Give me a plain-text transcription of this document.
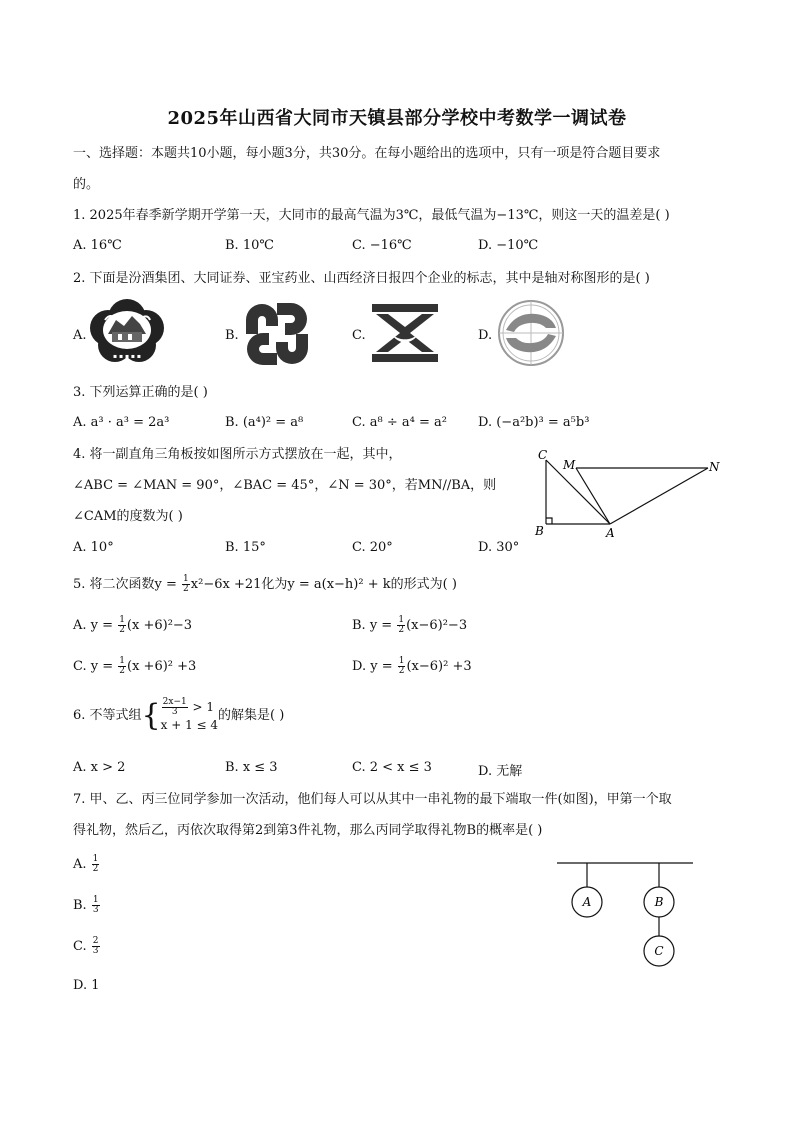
2025年山西省大同市天镇县部分学校中考数学一调试卷
一、选择题：本题共10小题，每小题3分，共30分。在每小题给出的选项中，只有一项是符合题目要求
的。
1. 2025年春季新学期开学第一天，大同市的最高气温为3℃，最低气温为−13℃，则这一天的温差是( )
A. 16℃	B. 10℃	C. −16℃	D. −10℃
2. 下面是汾酒集团、大同证券、亚宝药业、山西经济日报四个企业的标志，其中是轴对称图形的是( )
A.	B.	C.	D.
▪ ▪ ▪ ▪ ▪
3. 下列运算正确的是( )
A. a³ · a³ = 2a³	B. (a⁴)² = a⁸	C. a⁸ ÷ a⁴ = a² D. (−a²b)³ = a⁵b³
4. 将一副直角三角板按如图所示方式摆放在一起，其中，
∠ABC = ∠MAN = 90°，∠BAC = 45°，∠N = 30°，若MN//BA，则
∠CAM的度数为( )
A. 10°	B. 15°	C. 20°	D. 30°
C
M	N
B	A
5. 将二次函数$y = \frac{1}{2} x^2-6x +21$化为y = a(x−h)² + k的形式为( )
A. $y = \frac{1}{2} (x +6)^2-3$	B. $y = \frac{1}{2} (x-6)^2-3$
C. $y = \frac{1}{2} (x +6)^2 +3$	D. $y = \frac{1}{2} (x-6)^2 +3$
6. 不等式组 { $\frac{2x-1}{3} > 1$
x + 1 ≤ 4
的解集是( )
A. x > 2	B. x ≤ 3	C. 2 < x ≤ 3	D. 无解
7. 甲、乙、丙三位同学参加一次活动，他们每人可以从其中一串礼物的最下端取一件(如图)，甲第一个取
得礼物，然后乙，丙依次取得第2到第3件礼物，那么丙同学取得礼物B的概率是( )
A. $\frac{1}{2}$
B. $\frac{1}{3}$
C. $\frac{2}{3}$
D. 1
A	B
C
